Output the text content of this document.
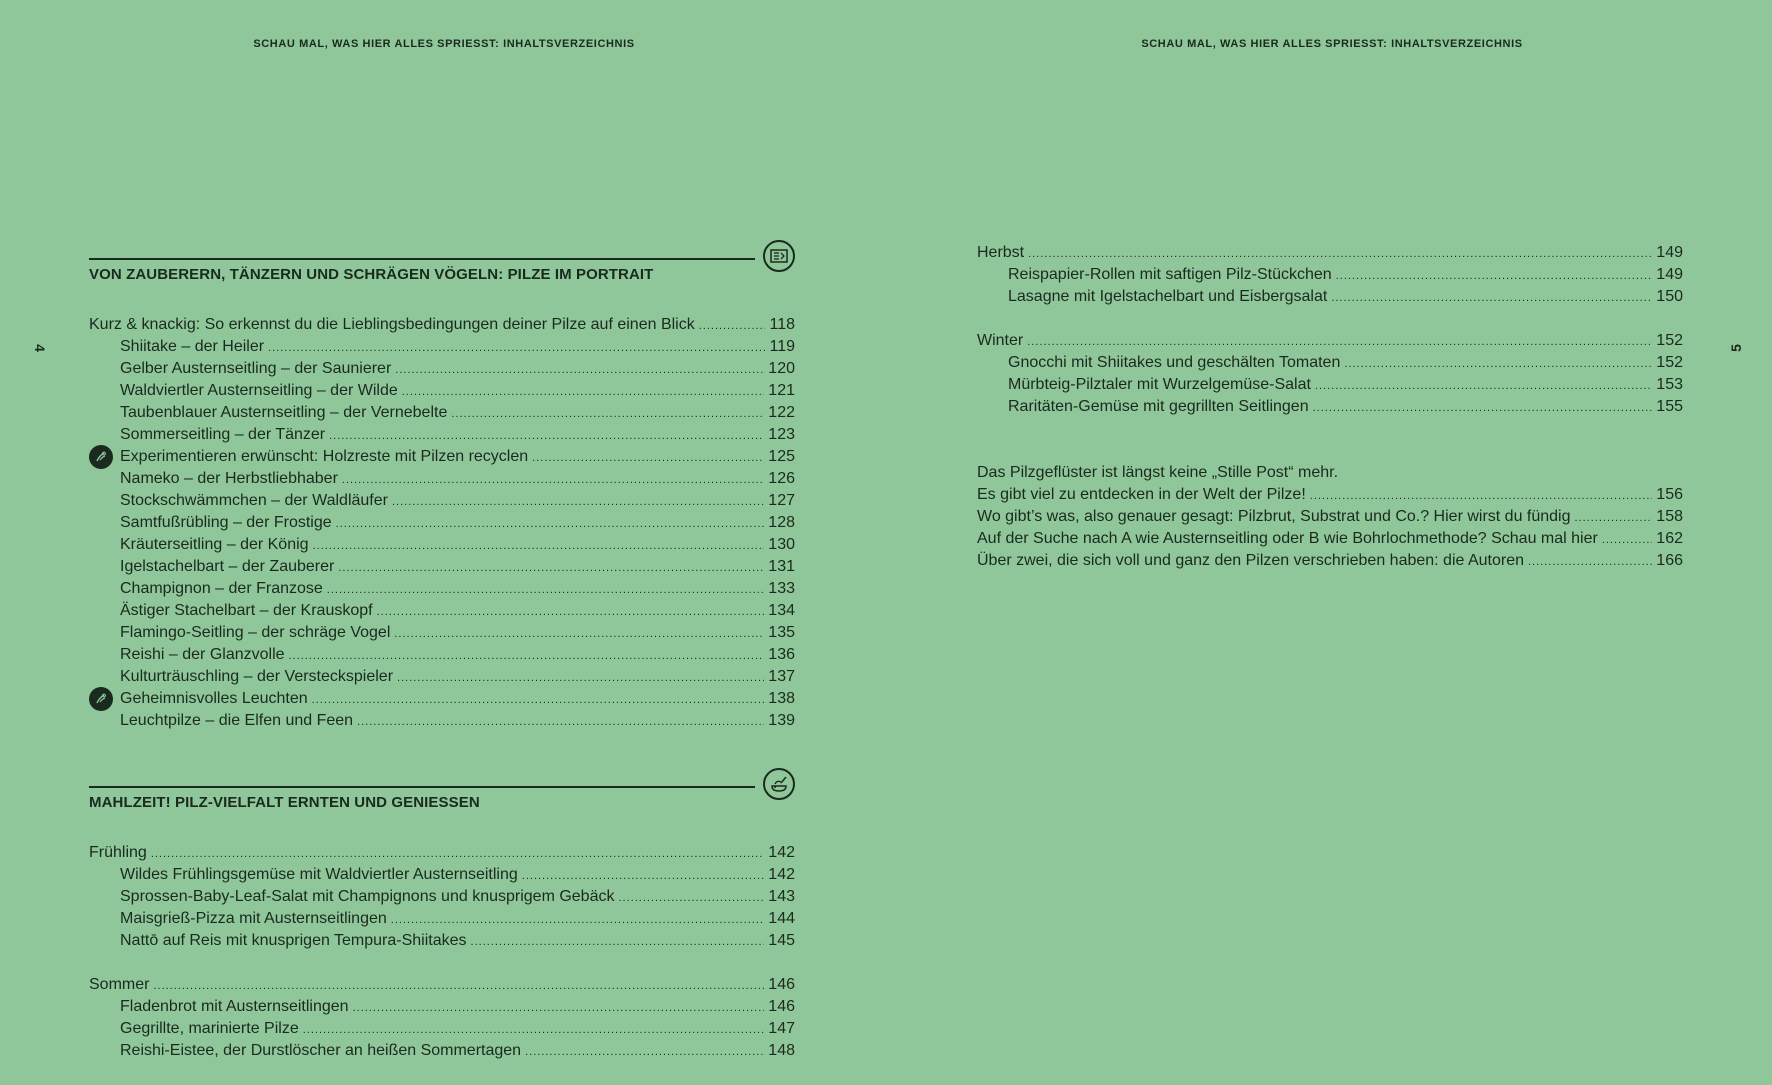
SCHAU MAL, WAS HIER ALLES SPRIESST: INHALTSVERZEICHNIS	SCHAU MAL, WAS HIER ALLES SPRIESST: INHALTSVERZEICHNIS
4	5
VON ZAUBERERN, TÄNZERN UND SCHRÄGEN VÖGELN: PILZE IM PORTRAIT
Kurz & knackig: So erkennst du die Lieblingsbedingungen deiner Pilze auf einen Blick .....	118
Shiitake – der Heiler .....	119
Gelber Austernseitling – der Saunierer .....	120
Waldviertler Austernseitling – der Wilde .....	121
Taubenblauer Austernseitling – der Vernebelte .....	122
Sommerseitling – der Tänzer .....	123
Experimentieren erwünscht: Holzreste mit Pilzen recyclen .....	125
Nameko – der Herbstliebhaber .....	126
Stockschwämmchen – der Waldläufer .....	127
Samtfußrübling – der Frostige .....	128
Kräuterseitling – der König .....	130
Igelstachelbart – der Zauberer .....	131
Champignon – der Franzose .....	133
Ästiger Stachelbart – der Krauskopf .....	134
Flamingo-Seitling – der schräge Vogel .....	135
Reishi – der Glanzvolle .....	136
Kulturträuschling – der Versteckspieler .....	137
Geheimnisvolles Leuchten .....	138
Leuchtpilze – die Elfen und Feen .....	139
MAHLZEIT! PILZ-VIELFALT ERNTEN UND GENIESSEN
Frühling .....	142
Wildes Frühlingsgemüse mit Waldviertler Austernseitling .....	142
Sprossen-Baby-Leaf-Salat mit Champignons und knusprigem Gebäck .....	143
Maisgrieß-Pizza mit Austernseitlingen .....	144
Nattō auf Reis mit knusprigen Tempura-Shiitakes .....	145
Sommer .....	146
Fladenbrot mit Austernseitlingen .....	146
Gegrillte, marinierte Pilze .....	147
Reishi-Eistee, der Durstlöscher an heißen Sommertagen .....	148
Herbst .....	149
Reispapier-Rollen mit saftigen Pilz-Stückchen .....	149
Lasagne mit Igelstachelbart und Eisbergsalat .....	150
Winter .....	152
Gnocchi mit Shiitakes und geschälten Tomaten .....	152
Mürbteig-Pilztaler mit Wurzelgemüse-Salat .....	153
Raritäten-Gemüse mit gegrillten Seitlingen .....	155
Das Pilzgeflüster ist längst keine „Stille Post“ mehr.
Es gibt viel zu entdecken in der Welt der Pilze! .....	156
Wo gibt’s was, also genauer gesagt: Pilzbrut, Substrat und Co.? Hier wirst du fündig .....	158
Auf der Suche nach A wie Austernseitling oder B wie Bohrlochmethode? Schau mal hier .....	162
Über zwei, die sich voll und ganz den Pilzen verschrieben haben: die Autoren .....	166
